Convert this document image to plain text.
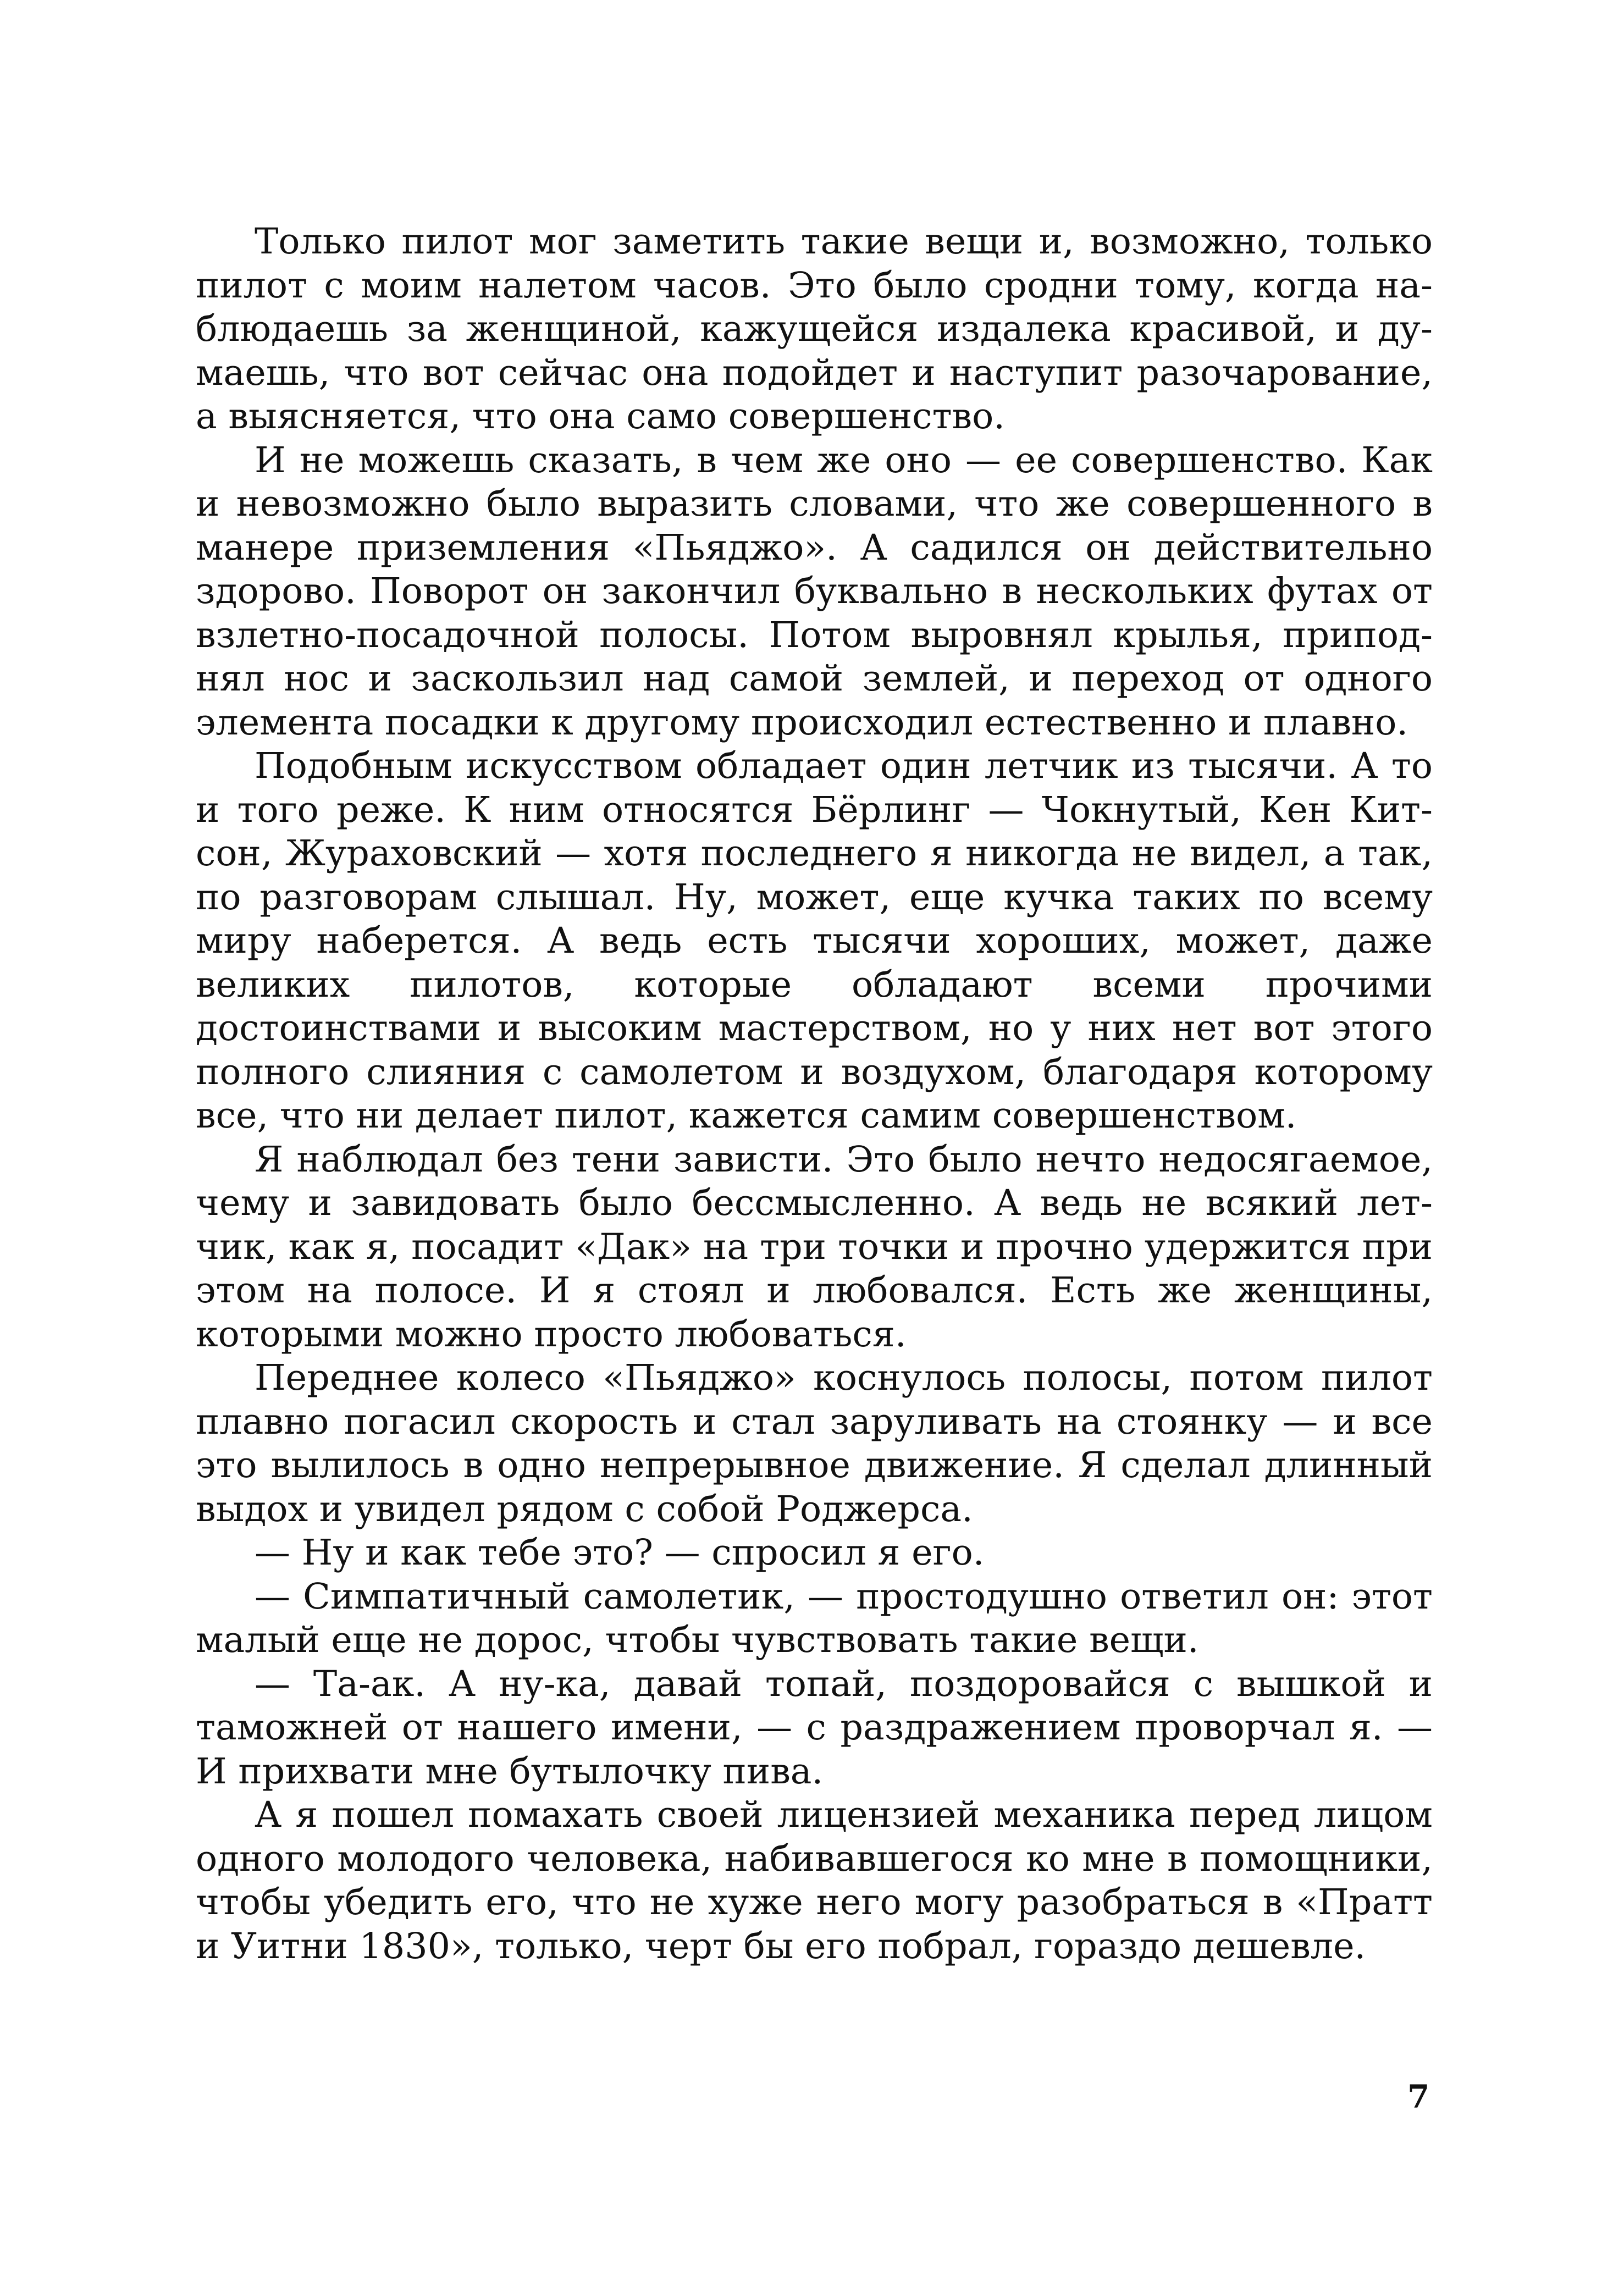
Только пилот мог заметить такие вещи и, возможно, только пилот с моим налетом часов. Это было сродни тому, когда наблюдаешь за женщиной, кажущейся издалека красивой, и думаешь, что вот сейчас она подойдет и наступит разочарование, а выясняется, что она само совершенство.

И не можешь сказать, в чем же оно — ее совершенство. Как и невозможно было выразить словами, что же совершенного в манере приземления «Пьяджо». А садился он действительно здорово. Поворот он закончил буквально в нескольких футах от взлетно-посадочной полосы. Потом выровнял крылья, приподнял нос и заскользил над самой землей, и переход от одного элемента посадки к другому происходил естественно и плавно.

Подобным искусством обладает один летчик из тысячи. А то и того реже. К ним относятся Бёрлинг — Чокнутый, Кен Китсон, Жураховский — хотя последнего я никогда не видел, а так, по разговорам слышал. Ну, может, еще кучка таких по всему миру наберется. А ведь есть тысячи хороших, может, даже великих пилотов, которые обладают всеми прочими достоинствами и высоким мастерством, но у них нет вот этого полного слияния с самолетом и воздухом, благодаря которому все, что ни делает пилот, кажется самим совершенством.

Я наблюдал без тени зависти. Это было нечто недосягаемое, чему и завидовать было бессмысленно. А ведь не всякий летчик, как я, посадит «Дак» на три точки и прочно удержится при этом на полосе. И я стоял и любовался. Есть же женщины, которыми можно просто любоваться.

Переднее колесо «Пьяджо» коснулось полосы, потом пилот плавно погасил скорость и стал заруливать на стоянку — и все это вылилось в одно непрерывное движение. Я сделал длинный выдох и увидел рядом с собой Роджерса.

— Ну и как тебе это? — спросил я его.

— Симпатичный самолетик, — простодушно ответил он: этот малый еще не дорос, чтобы чувствовать такие вещи.

— Та-ак. А ну-ка, давай топай, поздоровайся с вышкой и таможней от нашего имени, — с раздражением проворчал я. — И прихвати мне бутылочку пива.

А я пошел помахать своей лицензией механика перед лицом одного молодого человека, набивавшегося ко мне в помощники, чтобы убедить его, что не хуже него могу разобраться в «Пратт и Уитни 1830», только, черт бы его побрал, гораздо дешевле.

7
